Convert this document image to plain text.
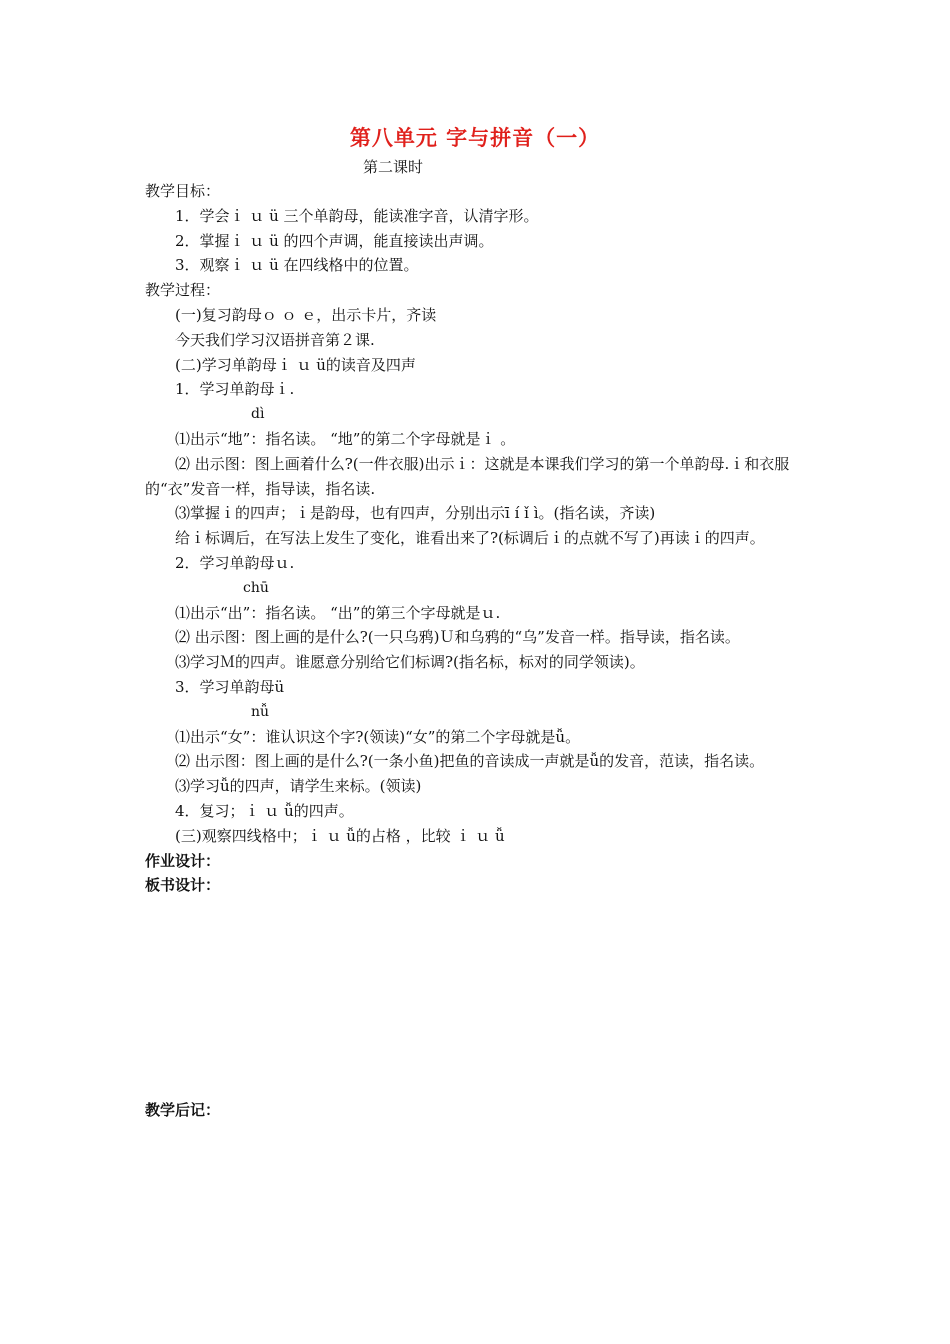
第八单元 字与拼音（一）

第二课时

教学目标：

1．学会ｉ ｕ ü 三个单韵母，能读准字音，认清字形。

2．掌握ｉ ｕ ü 的四个声调，能直接读出声调。

3．观察ｉ ｕ ü 在四线格中的位置。

教学过程：

(一)复习韵母ｏ ｏ ｅ，出示卡片，齐读

今天我们学习汉语拼音第２课.

(二)学习单韵母ｉ ｕ ü的读音及四声

1．学习单韵母ｉ.

dì

⑴出示“地”：指名读。 “地”的第二个字母就是ｉ 。

⑵ 出示图：图上画着什么?(一件衣服)出示ｉ：这就是本课我们学习的第一个单韵母.ｉ和衣服的“衣”发音一样，指导读，指名读.

⑶掌握ｉ的四声；ｉ是韵母，也有四声，分别出示ī í ǐ ì。(指名读，齐读)

给ｉ标调后，在写法上发生了变化，谁看出来了?(标调后ｉ的点就不写了)再读ｉ的四声。

2．学习单韵母ｕ.

chū

⑴出示“出”：指名读。 “出”的第三个字母就是ｕ.

⑵ 出示图：图上画的是什么?(一只乌鸦)Ｕ和乌鸦的“乌”发音一样。指导读，指名读。

⑶学习Ｍ的四声。谁愿意分别给它们标调?(指名标，标对的同学领读)。

3．学习单韵母ü

nǚ

⑴出示“女”：谁认识这个字?(领读)“女”的第二个字母就是ǚ。

⑵ 出示图：图上画的是什么?(一条小鱼)把鱼的音读成一声就是ǚ的发音，范读，指名读。

⑶学习ǚ的四声，请学生来标。(领读)

4．复习；ｉ ｕ ǚ的四声。

(三)观察四线格中；ｉ ｕ ǚ的占格 ，比较 ｉ ｕ ǚ

作业设计：

板书设计：

教学后记：
